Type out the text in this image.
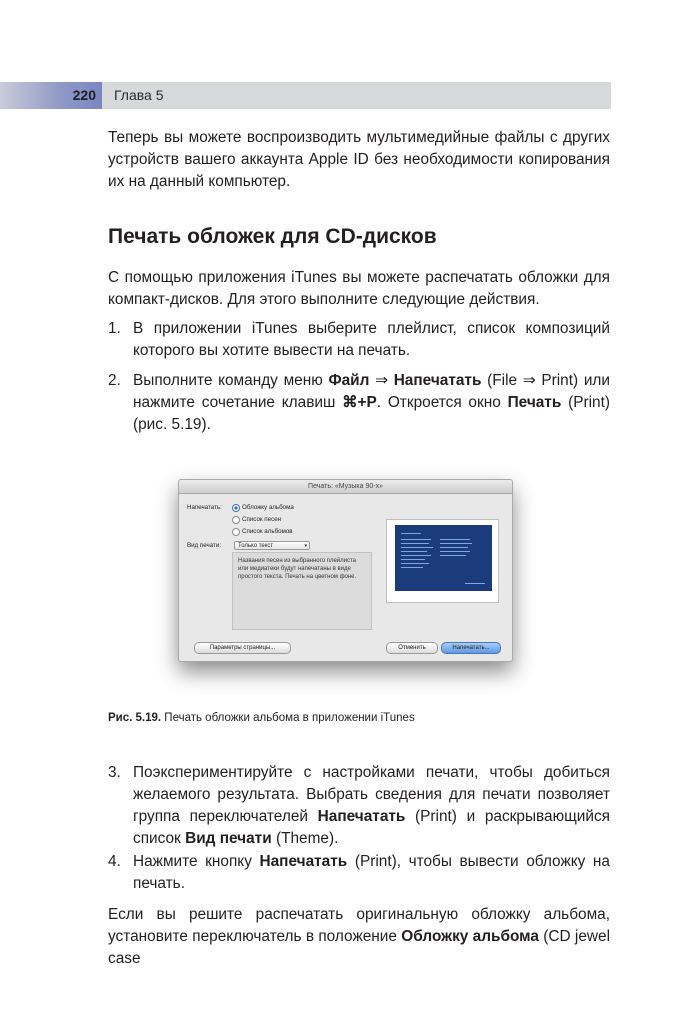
220 Глава 5

Теперь вы можете воспроизводить мультимедийные файлы с других устройств вашего аккаунта Apple ID без необходимости копирования их на данный компьютер.

Печать обложек для CD-дисков

С помощью приложения iTunes вы можете распечатать обложки для компакт-дисков. Для этого выполните следующие действия.

1. В приложении iTunes выберите плейлист, список композиций которого вы хотите вывести на печать.
2. Выполните команду меню Файл ⇒ Напечатать (File ⇒ Print) или нажмите сочетание клавиш ⌘+P. Откроется окно Печать (Print) (рис. 5.19).
Печать: «Музыка 90-х»
Напечатать:	Обложку альбома
Список песен
Список альбомов
Вид печати:	Только текст	▾
Названия песен из выбранного плейлиста или медиатеки будут напечатаны в виде простого текста. Печать на цветном фоне.
Параметры страницы...	Отменить	Напечатать...
Рис. 5.19. Печать обложки альбома в приложении iTunes
3. Поэкспериментируйте с настройками печати, чтобы добиться желаемого результата. Выбрать сведения для печати позволяет группа переключателей Напечатать (Print) и раскрывающийся список Вид печати (Theme).
4. Нажмите кнопку Напечатать (Print), чтобы вывести обложку на печать.

Если вы решите распечатать оригинальную обложку альбома, установите переключатель в положение Обложку альбома (CD jewel case
